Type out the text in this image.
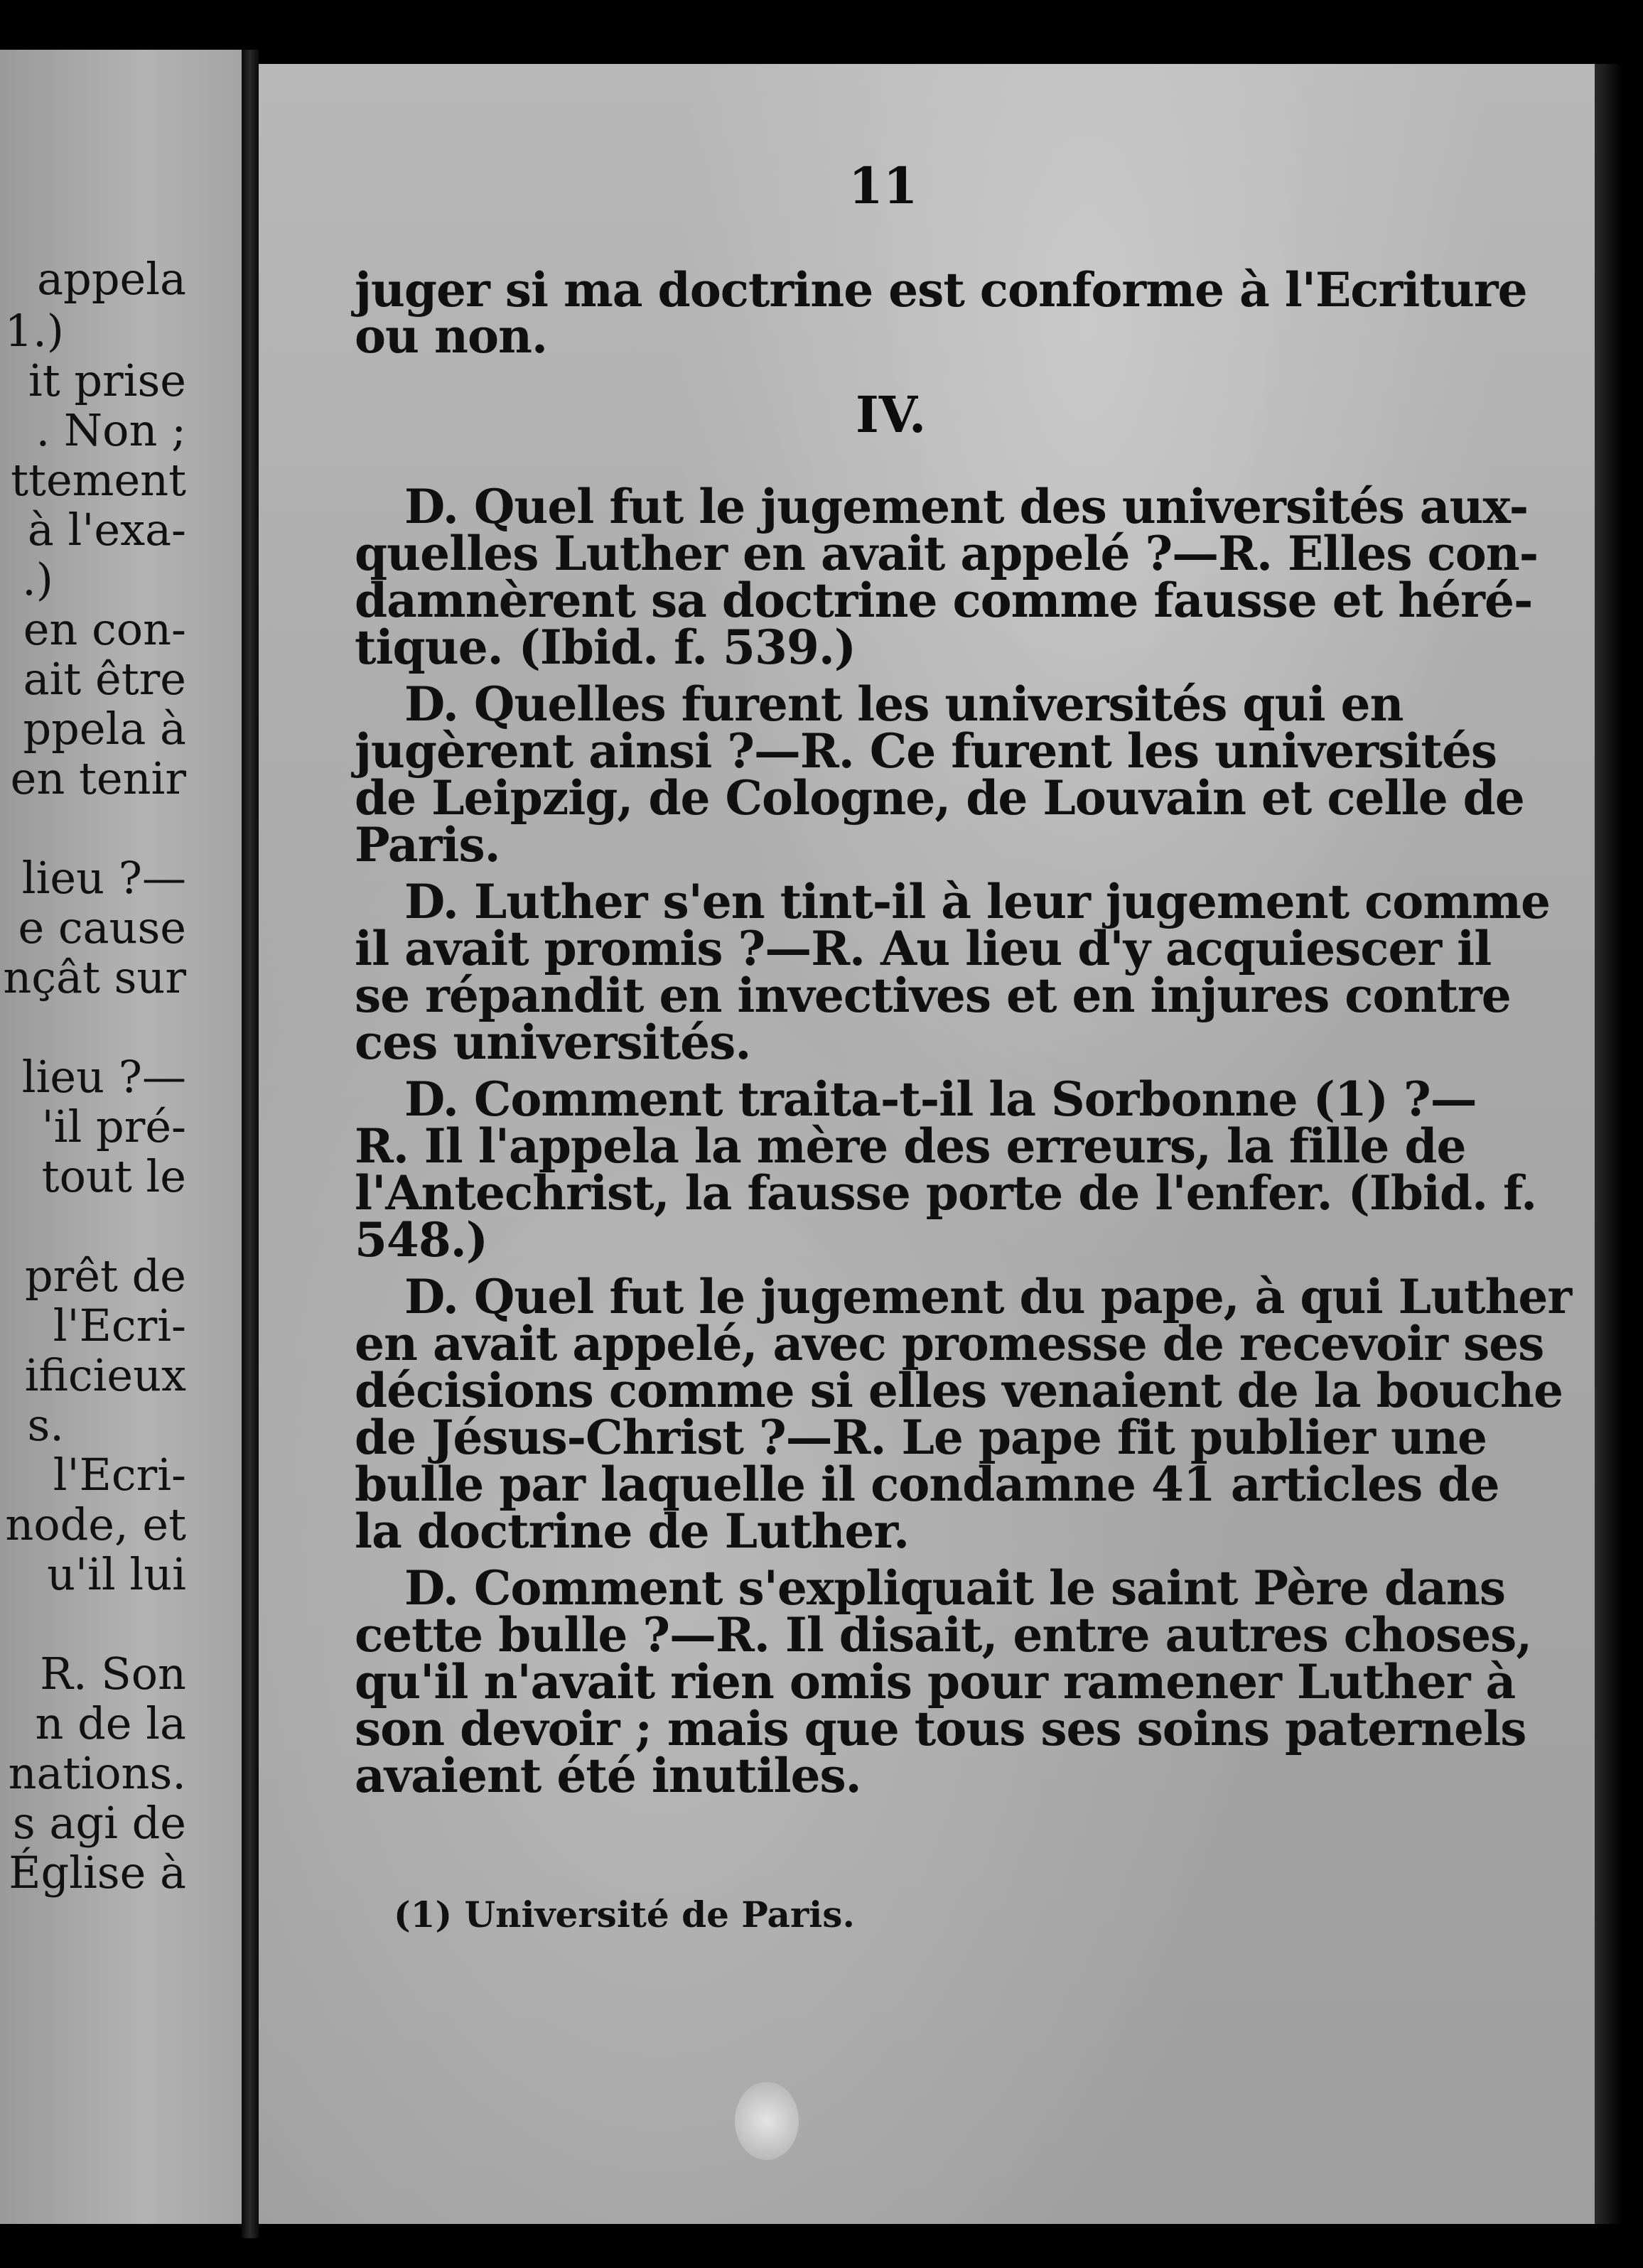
appela

1.)

it prise

. Non ;

ttement

à l'exa-

.)

en con-

ait être

ppela à

en tenir

lieu ?—

e cause

nçât sur

lieu ?—

'il pré-

tout le

prêt de

l'Ecri-

ificieux

s.

l'Ecri-

node, et

u'il lui

R. Son

n de la

nations.

s agi de

Église à

11

juger si ma doctrine est conforme à l'Ecriture

ou non.

IV.

D. Quel fut le jugement des universités aux-

quelles Luther en avait appelé ?—R. Elles con-

damnèrent sa doctrine comme fausse et héré-

tique. (Ibid. f. 539.)

D. Quelles furent les universités qui en

jugèrent ainsi ?—R. Ce furent les universités

de Leipzig, de Cologne, de Louvain et celle de

Paris.

D. Luther s'en tint-il à leur jugement comme

il avait promis ?—R. Au lieu d'y acquiescer il

se répandit en invectives et en injures contre

ces universités.

D. Comment traita-t-il la Sorbonne (1) ?—

R. Il l'appela la mère des erreurs, la fille de

l'Antechrist, la fausse porte de l'enfer. (Ibid. f.

548.)

D. Quel fut le jugement du pape, à qui Luther

en avait appelé, avec promesse de recevoir ses

décisions comme si elles venaient de la bouche

de Jésus-Christ ?—R. Le pape fit publier une

bulle par laquelle il condamne 41 articles de

la doctrine de Luther.

D. Comment s'expliquait le saint Père dans

cette bulle ?—R. Il disait, entre autres choses,

qu'il n'avait rien omis pour ramener Luther à

son devoir ; mais que tous ses soins paternels

avaient été inutiles.

(1) Université de Paris.
